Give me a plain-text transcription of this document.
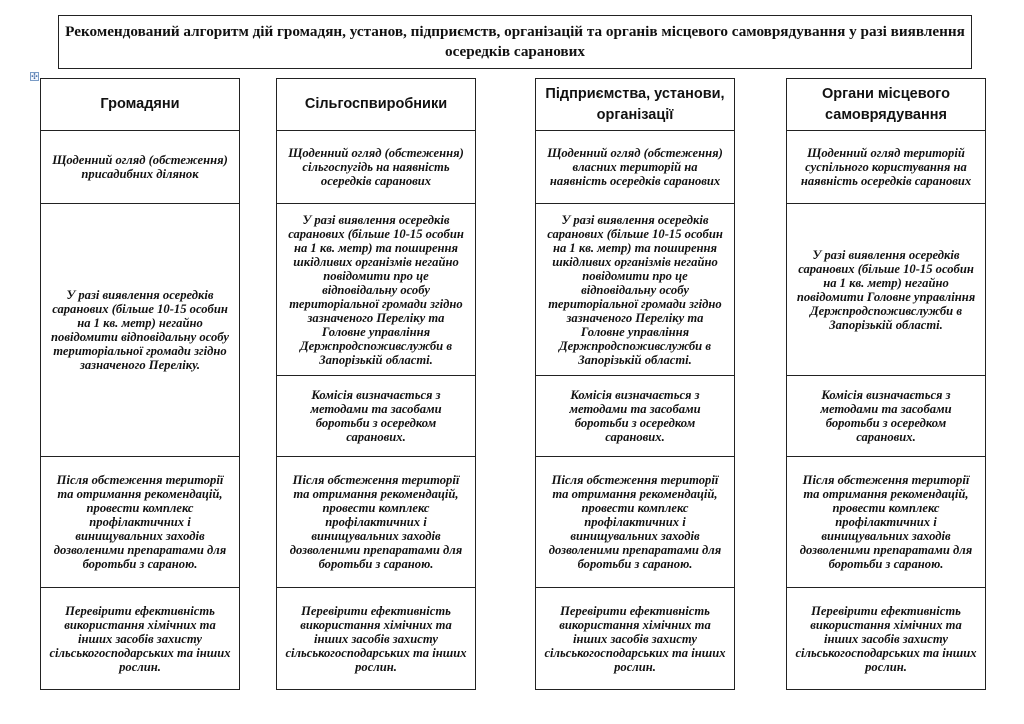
Рекомендований алгоритм дій громадян, установ, підприємств, організацій та органів місцевого самоврядування у разі виявлення осередків саранових
✣
Громадяни
Щоденний огляд (обстеження) присадибних ділянок
У разі виявлення осередків саранових (більше 10-15 особин на 1 кв. метр) негайно повідомити відповідальну особу територіальної громади згідно зазначеного Переліку.
Після обстеження території та отримання рекомендацій, провести комплекс профілактичних і винищувальних заходів дозволеними препаратами для боротьби з сараною.
Перевірити ефективність використання хімічних та інших засобів захисту сільськогосподарських та інших рослин.
Сільгоспвиробники
Щоденний огляд (обстеження) сільгоспугідь на наявність осередків саранових
У разі виявлення осередків саранових (більше 10-15 особин на 1 кв. метр) та поширення шкідливих організмів негайно повідомити про це відповідальну особу територіальної громади згідно зазначеного Переліку та Головне управління Держпродспоживслужби в Запорізькій області.
Комісія визначається з методами та засобами боротьби з осередком саранових.
Після обстеження території та отримання рекомендацій, провести комплекс профілактичних і винищувальних заходів дозволеними препаратами для боротьби з сараною.
Перевірити ефективність використання хімічних та інших засобів захисту сільськогосподарських та інших рослин.
Підприємства, установи, організації
Щоденний огляд (обстеження) власних територій на наявність осередків саранових
У разі виявлення осередків саранових (більше 10-15 особин на 1 кв. метр) та поширення шкідливих організмів негайно повідомити про це відповідальну особу територіальної громади згідно зазначеного Переліку та Головне управління Держпродспоживслужби в Запорізькій області.
Комісія визначається з методами та засобами боротьби з осередком саранових.
Після обстеження території та отримання рекомендацій, провести комплекс профілактичних і винищувальних заходів дозволеними препаратами для боротьби з сараною.
Перевірити ефективність використання хімічних та інших засобів захисту сільськогосподарських та інших рослин.
Органи місцевого самоврядування
Щоденний огляд територій суспільного користування на наявність осередків саранових
У разі виявлення осередків саранових (більше 10-15 особин на 1 кв. метр) негайно повідомити Головне управління Держпродспоживслужби в Запорізькій області.
Комісія визначається з методами та засобами боротьби з осередком саранових.
Після обстеження території та отримання рекомендацій, провести комплекс профілактичних і винищувальних заходів дозволеними препаратами для боротьби з сараною.
Перевірити ефективність використання хімічних та інших засобів захисту сільськогосподарських та інших рослин.
